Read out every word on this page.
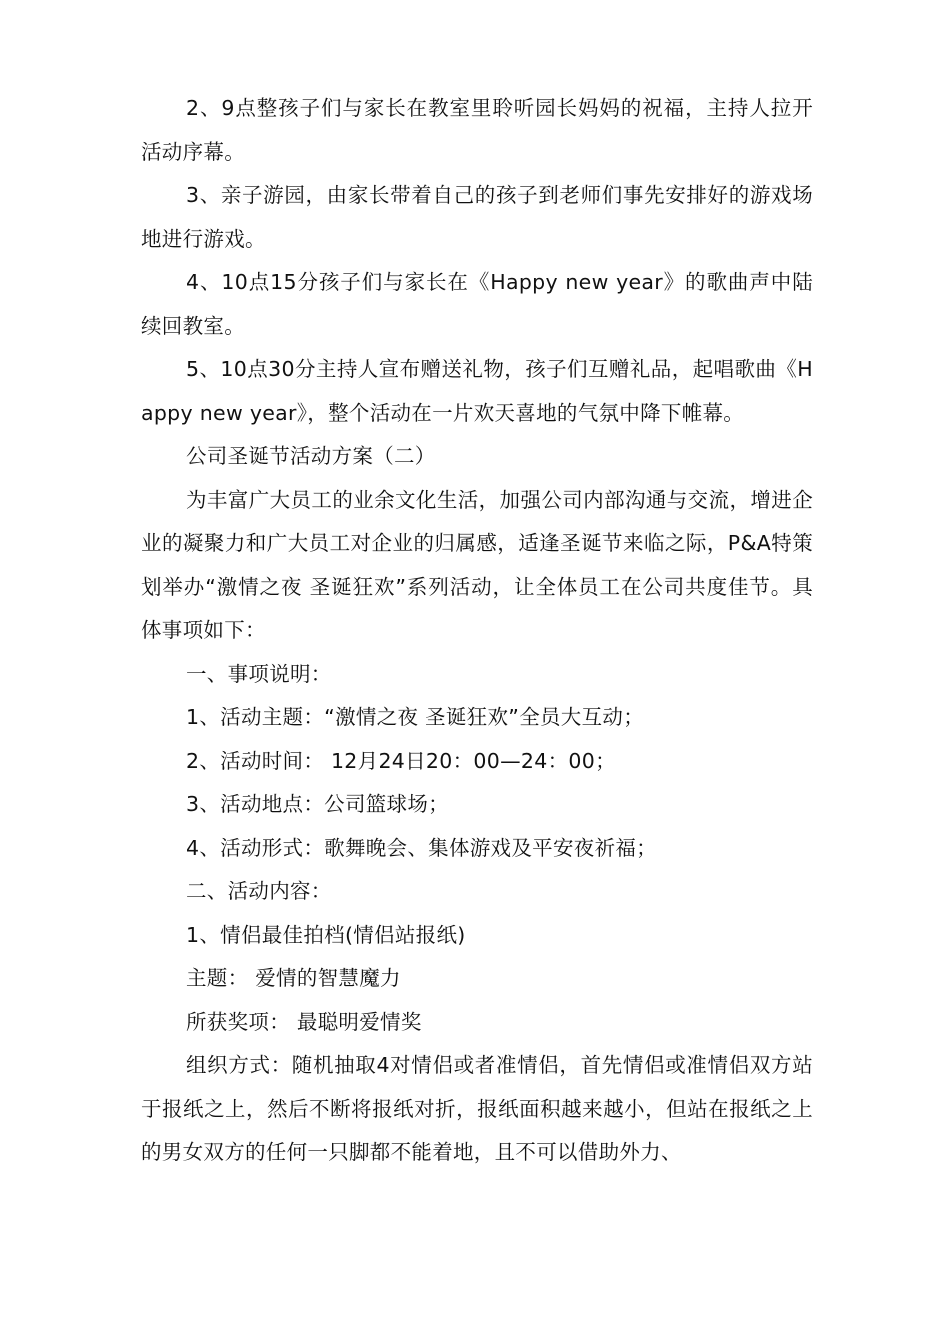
2、9点整孩子们与家长在教室里聆听园长妈妈的祝福，主持人拉开活动序幕。

3、亲子游园，由家长带着自己的孩子到老师们事先安排好的游戏场地进行游戏。

4、10点15分孩子们与家长在《Happy new year》的歌曲声中陆续回教室。

5、10点30分主持人宣布赠送礼物，孩子们互赠礼品，起唱歌曲《Happy new year》，整个活动在一片欢天喜地的气氛中降下帷幕。

公司圣诞节活动方案（二）

为丰富广大员工的业余文化生活，加强公司内部沟通与交流，增进企业的凝聚力和广大员工对企业的归属感，适逢圣诞节来临之际，P&A特策划举办“激情之夜 圣诞狂欢”系列活动，让全体员工在公司共度佳节。具体事项如下：

一、事项说明：

1、活动主题：“激情之夜 圣诞狂欢”全员大互动；

2、活动时间： 12月24日20：00—24：00；

3、活动地点：公司篮球场；

4、活动形式：歌舞晚会、集体游戏及平安夜祈福；

二、活动内容：

1、情侣最佳拍档(情侣站报纸)

主题： 爱情的智慧魔力

所获奖项： 最聪明爱情奖

组织方式：随机抽取4对情侣或者准情侣，首先情侣或准情侣双方站于报纸之上，然后不断将报纸对折，报纸面积越来越小，但站在报纸之上的男女双方的任何一只脚都不能着地，且不可以借助外力、
